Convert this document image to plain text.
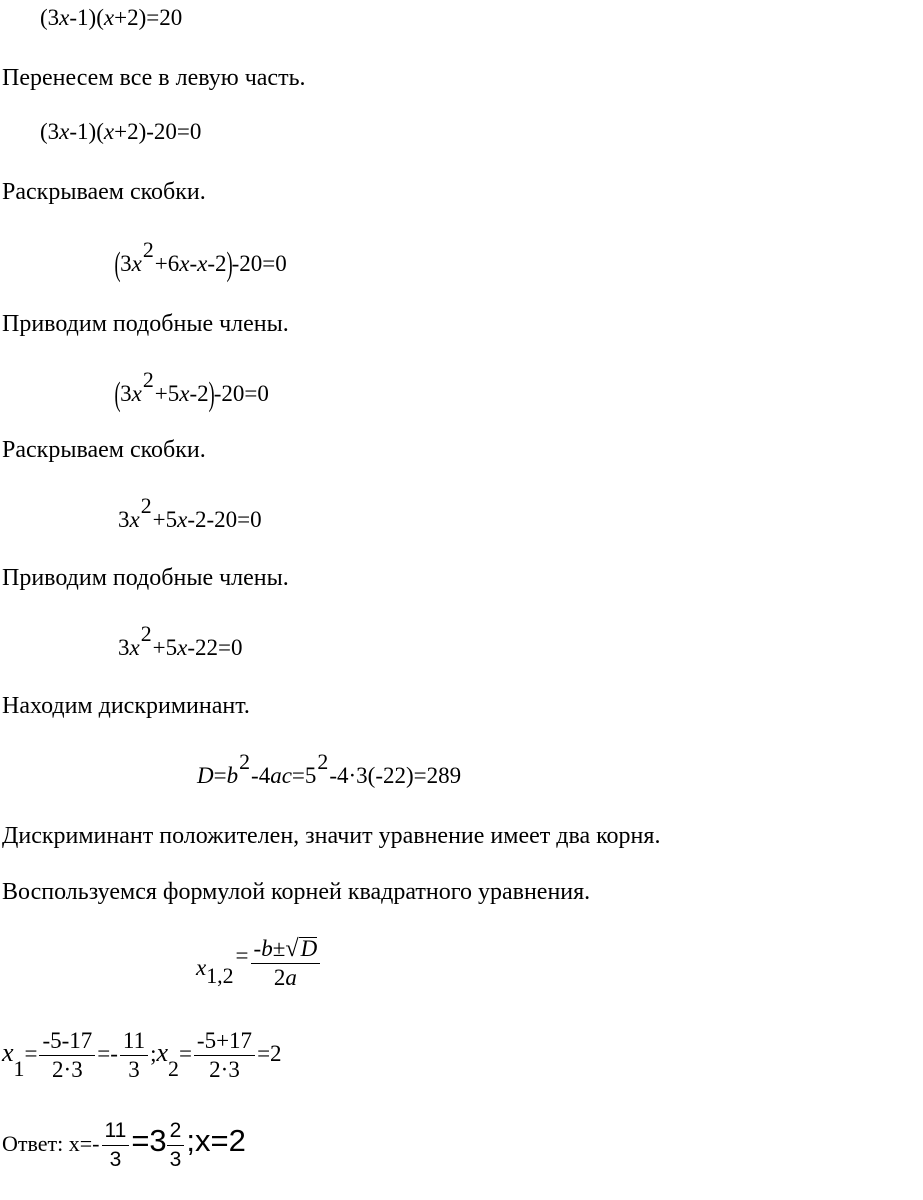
(3x-1)(x+2)=20
Перенесем все в левую часть.
(3x-1)(x+2)-20=0
Раскрываем скобки.
(3x2+6x-x-2)-20=0
Приводим подобные члены.
(3x2+5x-2)-20=0
Раскрываем скобки.
3x2+5x-2-20=0
Приводим подобные члены.
3x2+5x-22=0
Находим дискриминант.
D=b2-4ac=52-4·3(-22)=289
Дискриминант положителен, значит уравнение имеет два корня.
Воспользуемся формулой корней квадратного уравнения.
$x1,2= \frac{-b\pm√D}{2a}$
$x1= \frac{-5-17}{2\cdot 3} =- \frac{11}{3}$ ;x2= $\frac{-5+17}{2\cdot 3} =2$
Ответ: $x=- \frac{11}{3} =3 \frac{2}{3}$ ;x=2
